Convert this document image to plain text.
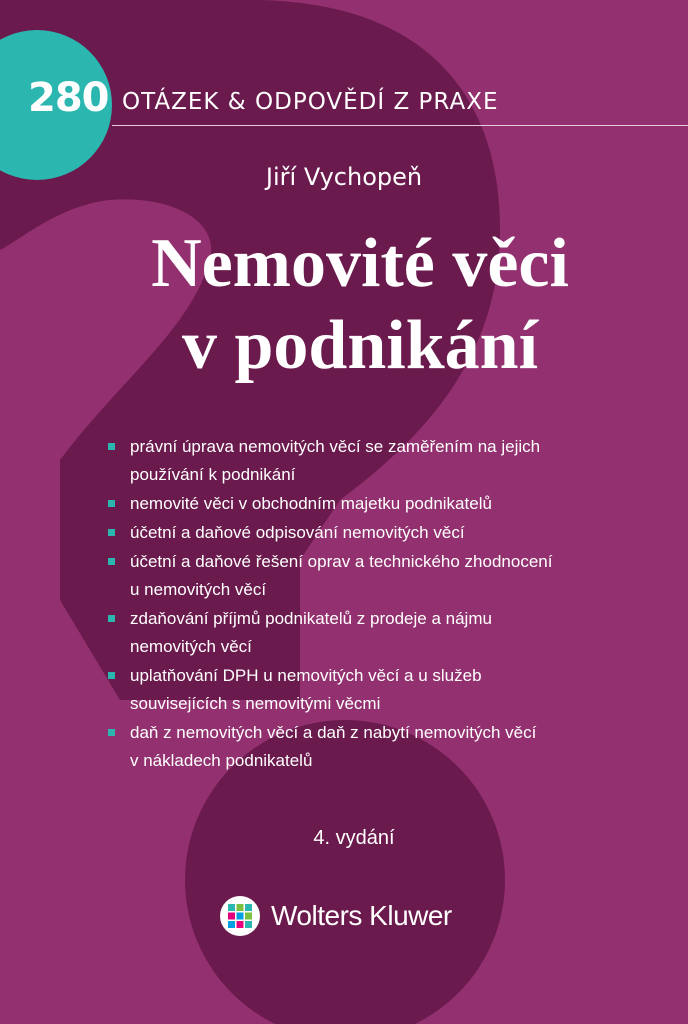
280 OTÁZEK & ODPOVĚDÍ Z PRAXE
Jiří Vychopeň
Nemovité věci
v podnikání
právní úprava nemovitých věcí se zaměřením na jejich
používání k podnikání
nemovité věci v obchodním majetku podnikatelů
účetní a daňové odpisování nemovitých věcí
účetní a daňové řešení oprav a technického zhodnocení
u nemovitých věcí
zdaňování příjmů podnikatelů z prodeje a nájmu
nemovitých věcí
uplatňování DPH u nemovitých věcí a u služeb
souvisejících s nemovitými věcmi
daň z nemovitých věcí a daň z nabytí nemovitých věcí
v nákladech podnikatelů
4. vydání
Wolters Kluwer
